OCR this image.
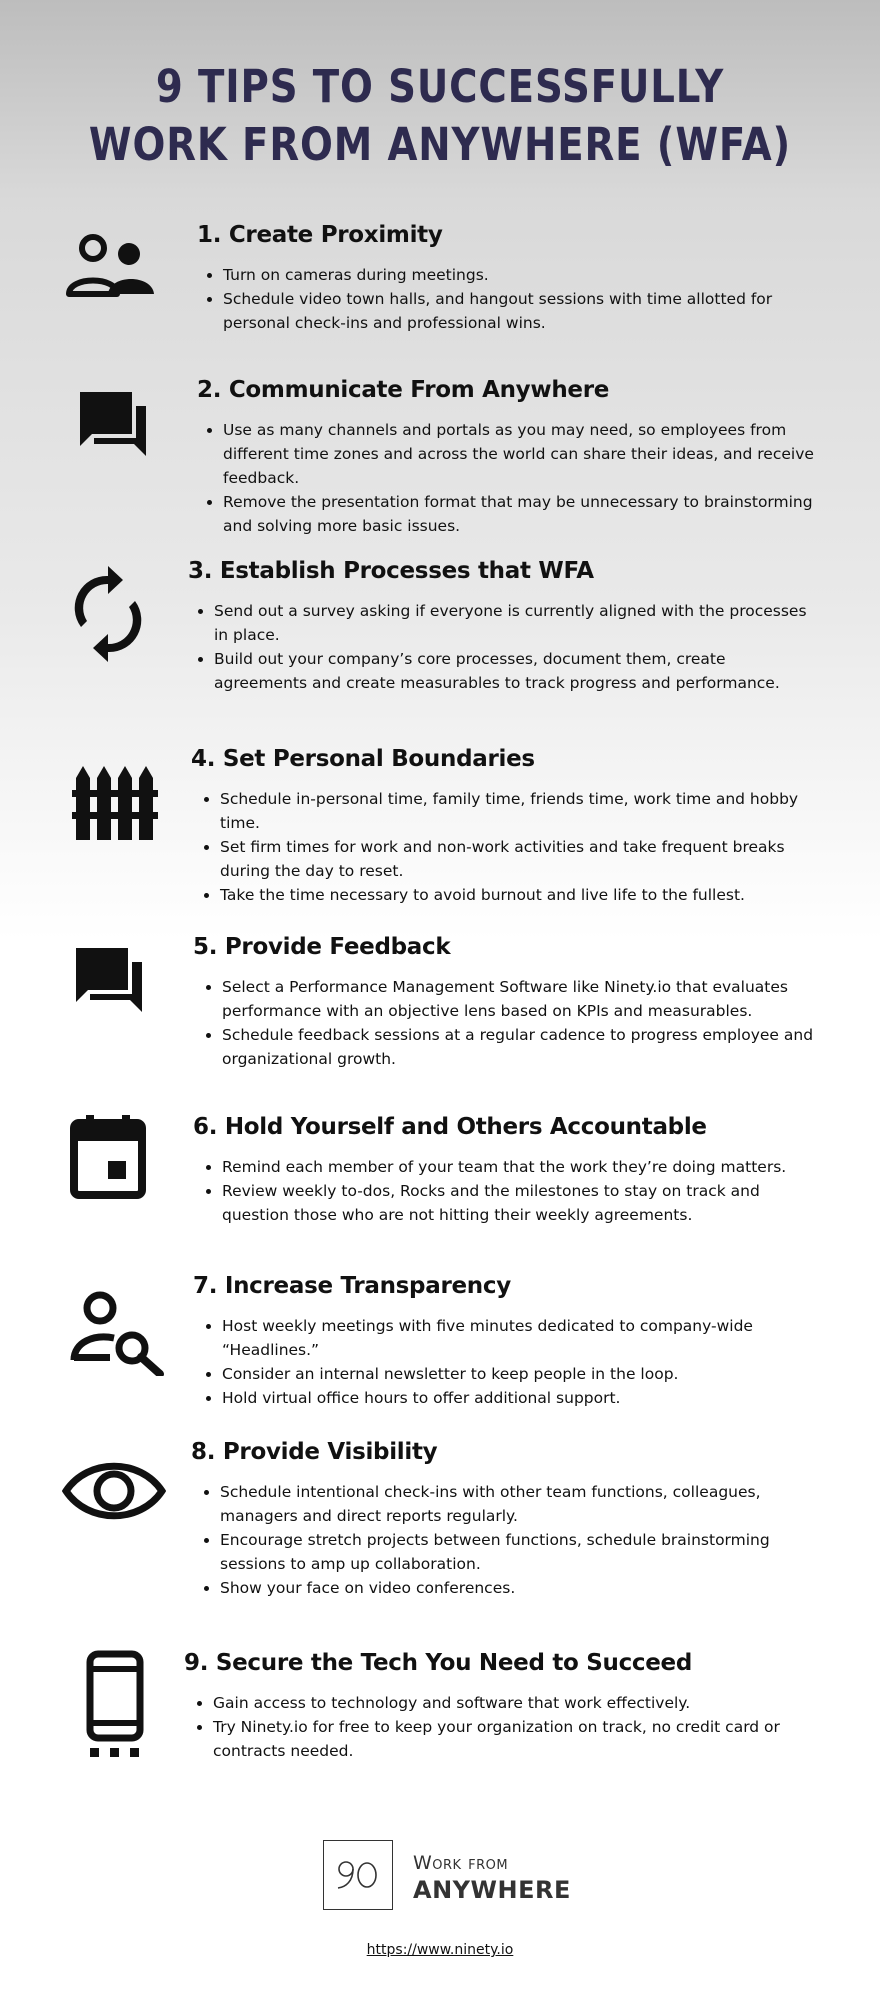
9 TIPS TO SUCCESSFULLY
WORK FROM ANYWHERE (WFA)
1. Create Proximity
• Turn on cameras during meetings.
• Schedule video town halls, and hangout sessions with time allotted for personal check-ins and professional wins.
2. Communicate From Anywhere
• Use as many channels and portals as you may need, so employees from different time zones and across the world can share their ideas, and receive feedback.
• Remove the presentation format that may be unnecessary to brainstorming and solving more basic issues.
3. Establish Processes that WFA
• Send out a survey asking if everyone is currently aligned with the processes in place.
• Build out your company’s core processes, document them, create agreements and create measurables to track progress and performance.
4. Set Personal Boundaries
• Schedule in-personal time, family time, friends time, work time and hobby time.
• Set firm times for work and non-work activities and take frequent breaks during the day to reset.
• Take the time necessary to avoid burnout and live life to the fullest.
5. Provide Feedback
• Select a Performance Management Software like Ninety.io that evaluates performance with an objective lens based on KPIs and measurables.
• Schedule feedback sessions at a regular cadence to progress employee and organizational growth.
6. Hold Yourself and Others Accountable
• Remind each member of your team that the work they’re doing matters.
• Review weekly to-dos, Rocks and the milestones to stay on track and question those who are not hitting their weekly agreements.
7. Increase Transparency
• Host weekly meetings with five minutes dedicated to company-wide “Headlines.”
• Consider an internal newsletter to keep people in the loop.
• Hold virtual office hours to offer additional support.
8. Provide Visibility
• Schedule intentional check-ins with other team functions, colleagues, managers and direct reports regularly.
• Encourage stretch projects between functions, schedule brainstorming sessions to amp up collaboration.
• Show your face on video conferences.
9. Secure the Tech You Need to Succeed
• Gain access to technology and software that work effectively.
• Try Ninety.io for free to keep your organization on track, no credit card or contracts needed.
Work from
ANYWHERE
https://www.ninety.io
